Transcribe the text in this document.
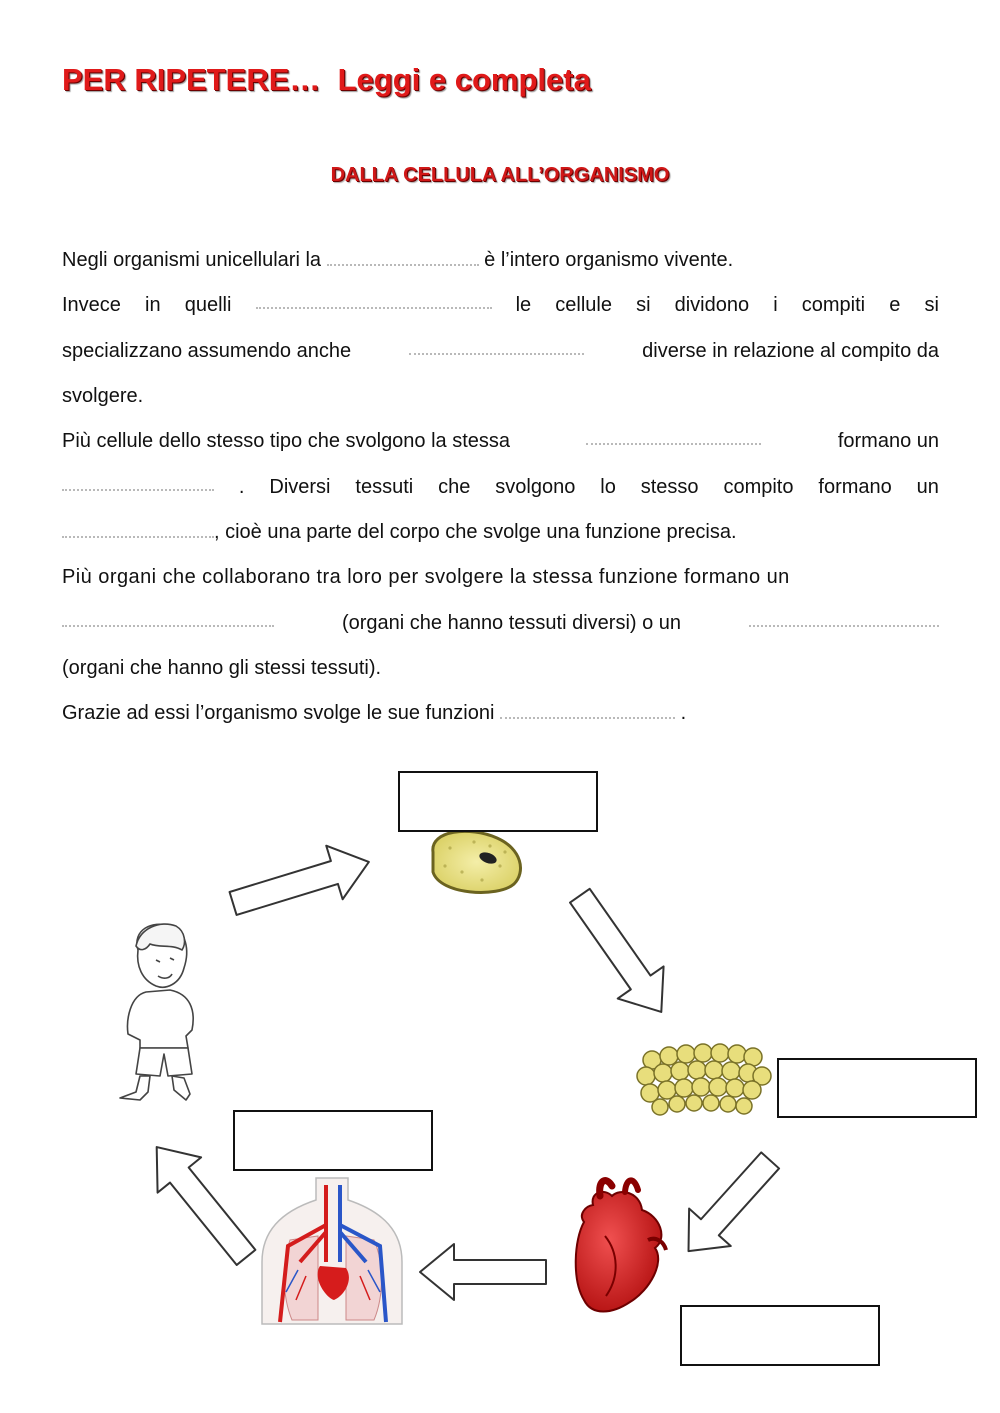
PER RIPETERE…  Leggi e completa
DALLA CELLULA ALL’ORGANISMO
Negli organismi unicellulari la	è l’intero organismo vivente.
Invece in quelli	le cellule si dividono i compiti e si
specializzano assumendo anche	diverse in relazione al compito da
svolgere.
Più cellule dello stesso tipo che svolgono la stessa	formano un
. Diversi tessuti che svolgono lo stesso compito formano un
, cioè una parte del corpo che svolge una funzione precisa.
Più organi che collaborano tra loro per svolgere la stessa funzione formano un
(organi che hanno tessuti diversi) o un
(organi che hanno gli stessi tessuti).
Grazie ad essi l’organismo svolge le sue funzioni	.
